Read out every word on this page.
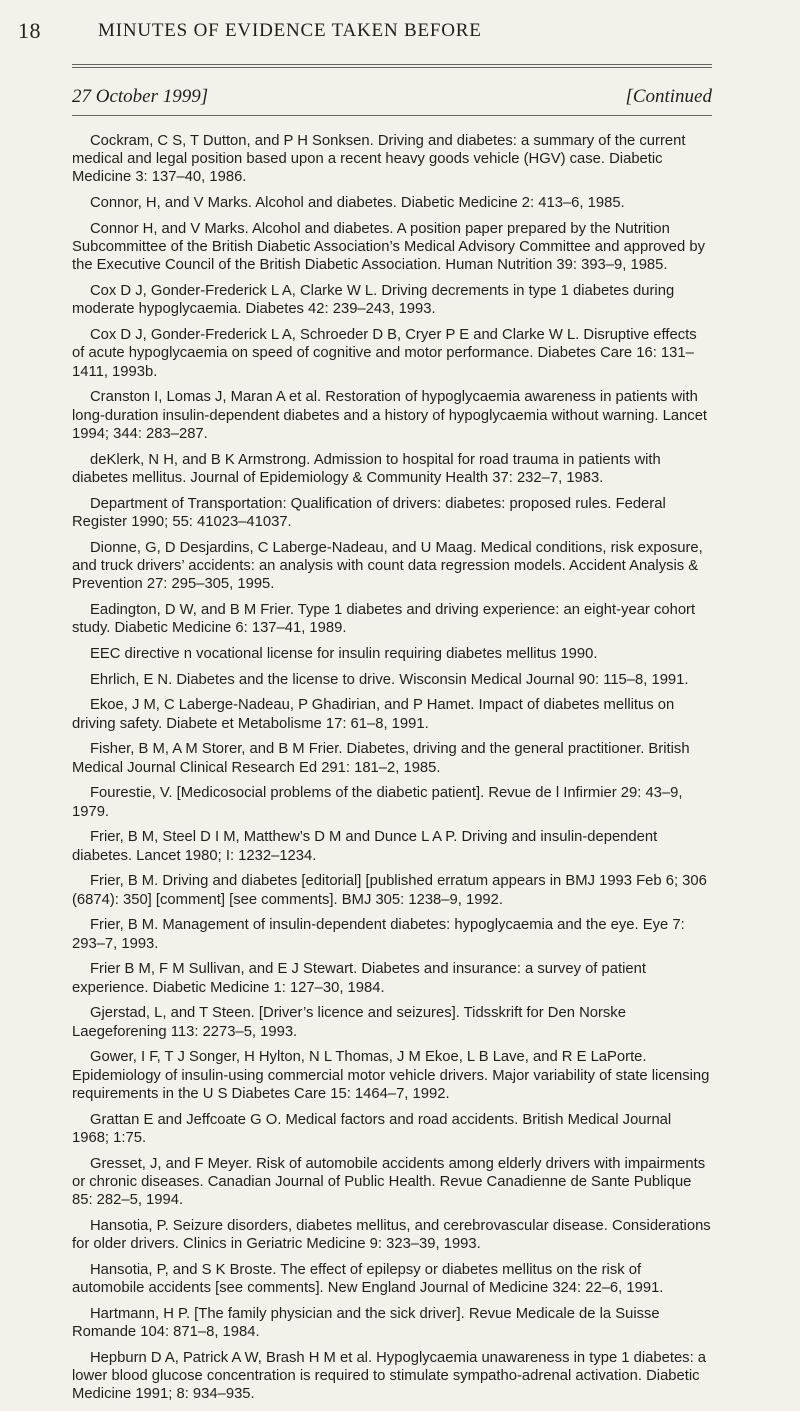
18	MINUTES OF EVIDENCE TAKEN BEFORE
27 October 1999]	[Continued

Cockram, C S, T Dutton, and P H Sonksen. Driving and diabetes: a summary of the current medical and legal position based upon a recent heavy goods vehicle (HGV) case. Diabetic Medicine 3: 137–40, 1986.

Connor, H, and V Marks. Alcohol and diabetes. Diabetic Medicine 2: 413–6, 1985.

Connor H, and V Marks. Alcohol and diabetes. A position paper prepared by the Nutrition Subcommittee of the British Diabetic Association’s Medical Advisory Committee and approved by the Executive Council of the British Diabetic Association. Human Nutrition 39: 393–9, 1985.

Cox D J, Gonder-Frederick L A, Clarke W L. Driving decrements in type 1 diabetes during moderate hypoglycaemia. Diabetes 42: 239–243, 1993.

Cox D J, Gonder-Frederick L A, Schroeder D B, Cryer P E and Clarke W L. Disruptive effects of acute hypoglycaemia on speed of cognitive and motor performance. Diabetes Care 16: 131–1411, 1993b.

Cranston I, Lomas J, Maran A et al. Restoration of hypoglycaemia awareness in patients with long-duration insulin-dependent diabetes and a history of hypoglycaemia without warning. Lancet 1994; 344: 283–287.

deKlerk, N H, and B K Armstrong. Admission to hospital for road trauma in patients with diabetes mellitus. Journal of Epidemiology & Community Health 37: 232–7, 1983.

Department of Transportation: Qualification of drivers: diabetes: proposed rules. Federal Register 1990; 55: 41023–41037.

Dionne, G, D Desjardins, C Laberge-Nadeau, and U Maag. Medical conditions, risk exposure, and truck drivers’ accidents: an analysis with count data regression models. Accident Analysis & Prevention 27: 295–305, 1995.

Eadington, D W, and B M Frier. Type 1 diabetes and driving experience: an eight-year cohort study. Diabetic Medicine 6: 137–41, 1989.

EEC directive n vocational license for insulin requiring diabetes mellitus 1990.

Ehrlich, E N. Diabetes and the license to drive. Wisconsin Medical Journal 90: 115–8, 1991.

Ekoe, J M, C Laberge-Nadeau, P Ghadirian, and P Hamet. Impact of diabetes mellitus on driving safety. Diabete et Metabolisme 17: 61–8, 1991.

Fisher, B M, A M Storer, and B M Frier. Diabetes, driving and the general practitioner. British Medical Journal Clinical Research Ed 291: 181–2, 1985.

Fourestie, V. [Medicosocial problems of the diabetic patient]. Revue de l Infirmier 29: 43–9, 1979.

Frier, B M, Steel D I M, Matthew’s D M and Dunce L A P. Driving and insulin-dependent diabetes. Lancet 1980; I: 1232–1234.

Frier, B M. Driving and diabetes [editorial] [published erratum appears in BMJ 1993 Feb 6; 306 (6874): 350] [comment] [see comments]. BMJ 305: 1238–9, 1992.

Frier, B M. Management of insulin-dependent diabetes: hypoglycaemia and the eye. Eye 7: 293–7, 1993.

Frier B M, F M Sullivan, and E J Stewart. Diabetes and insurance: a survey of patient experience. Diabetic Medicine 1: 127–30, 1984.

Gjerstad, L, and T Steen. [Driver’s licence and seizures]. Tidsskrift for Den Norske Laegeforening 113: 2273–5, 1993.

Gower, I F, T J Songer, H Hylton, N L Thomas, J M Ekoe, L B Lave, and R E LaPorte. Epidemiology of insulin-using commercial motor vehicle drivers. Major variability of state licensing requirements in the U S Diabetes Care 15: 1464–7, 1992.

Grattan E and Jeffcoate G O. Medical factors and road accidents. British Medical Journal 1968; 1:75.

Gresset, J, and F Meyer. Risk of automobile accidents among elderly drivers with impairments or chronic diseases. Canadian Journal of Public Health. Revue Canadienne de Sante Publique 85: 282–5, 1994.

Hansotia, P. Seizure disorders, diabetes mellitus, and cerebrovascular disease. Considerations for older drivers. Clinics in Geriatric Medicine 9: 323–39, 1993.

Hansotia, P, and S K Broste. The effect of epilepsy or diabetes mellitus on the risk of automobile accidents [see comments]. New England Journal of Medicine 324: 22–6, 1991.

Hartmann, H P. [The family physician and the sick driver]. Revue Medicale de la Suisse Romande 104: 871–8, 1984.

Hepburn D A, Patrick A W, Brash H M et al. Hypoglycaemia unawareness in type 1 diabetes: a lower blood glucose concentration is required to stimulate sympatho-adrenal activation. Diabetic Medicine 1991; 8: 934–935.
